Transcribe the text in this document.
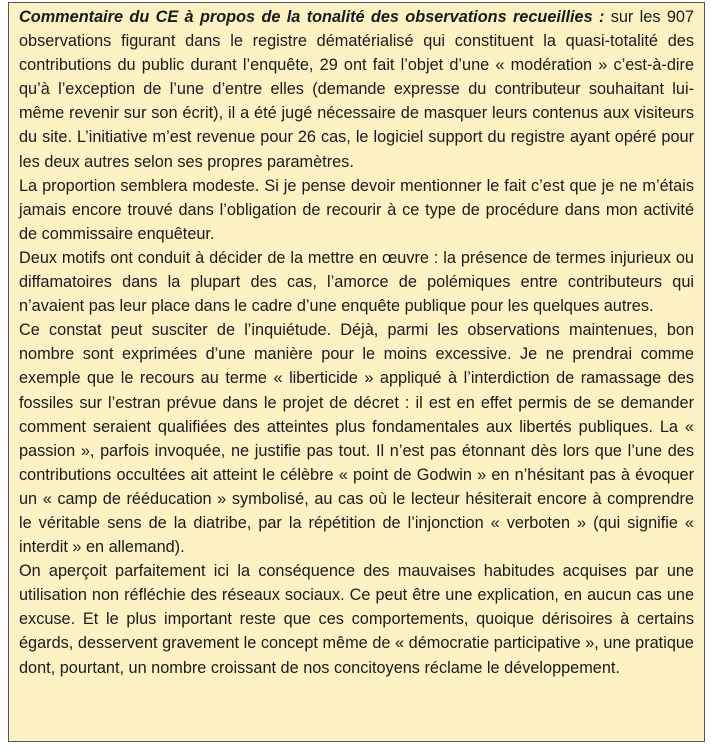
Commentaire du CE à propos de la tonalité des observations recueillies : sur les 907 observations figurant dans le registre dématérialisé qui constituent la quasi-totalité des contributions du public durant l’enquête, 29 ont fait l’objet d’une « modération » c’est-à-dire qu’à l’exception de l’une d’entre elles (demande expresse du contributeur souhaitant lui-même revenir sur son écrit), il a été jugé nécessaire de masquer leurs contenus aux visiteurs du site. L’initiative m’est revenue pour 26 cas, le logiciel support du registre ayant opéré pour les deux autres selon ses propres paramètres.

La proportion semblera modeste. Si je pense devoir mentionner le fait c’est que je ne m’étais jamais encore trouvé dans l’obligation de recourir à ce type de procédure dans mon activité de commissaire enquêteur.

Deux motifs ont conduit à décider de la mettre en œuvre : la présence de termes injurieux ou diffamatoires dans la plupart des cas, l’amorce de polémiques entre contributeurs qui n’avaient pas leur place dans le cadre d’une enquête publique pour les quelques autres.

Ce constat peut susciter de l’inquiétude. Déjà, parmi les observations maintenues, bon nombre sont exprimées d’une manière pour le moins excessive. Je ne prendrai comme exemple que le recours au terme « liberticide » appliqué à l’interdiction de ramassage des fossiles sur l’estran prévue dans le projet de décret : il est en effet permis de se demander comment seraient qualifiées des atteintes plus fondamentales aux libertés publiques. La « passion », parfois invoquée, ne justifie pas tout. Il n’est pas étonnant dès lors que l’une des contributions occultées ait atteint le célèbre « point de Godwin » en n’hésitant pas à évoquer un « camp de rééducation » symbolisé, au cas où le lecteur hésiterait encore à comprendre le véritable sens de la diatribe, par la répétition de l’injonction « verboten » (qui signifie « interdit » en allemand).

On aperçoit parfaitement ici la conséquence des mauvaises habitudes acquises par une utilisation non réfléchie des réseaux sociaux. Ce peut être une explication, en aucun cas une excuse. Et le plus important reste que ces comportements, quoique dérisoires à certains égards, desservent gravement le concept même de « démocratie participative », une pratique dont, pourtant, un nombre croissant de nos concitoyens réclame le développement.
